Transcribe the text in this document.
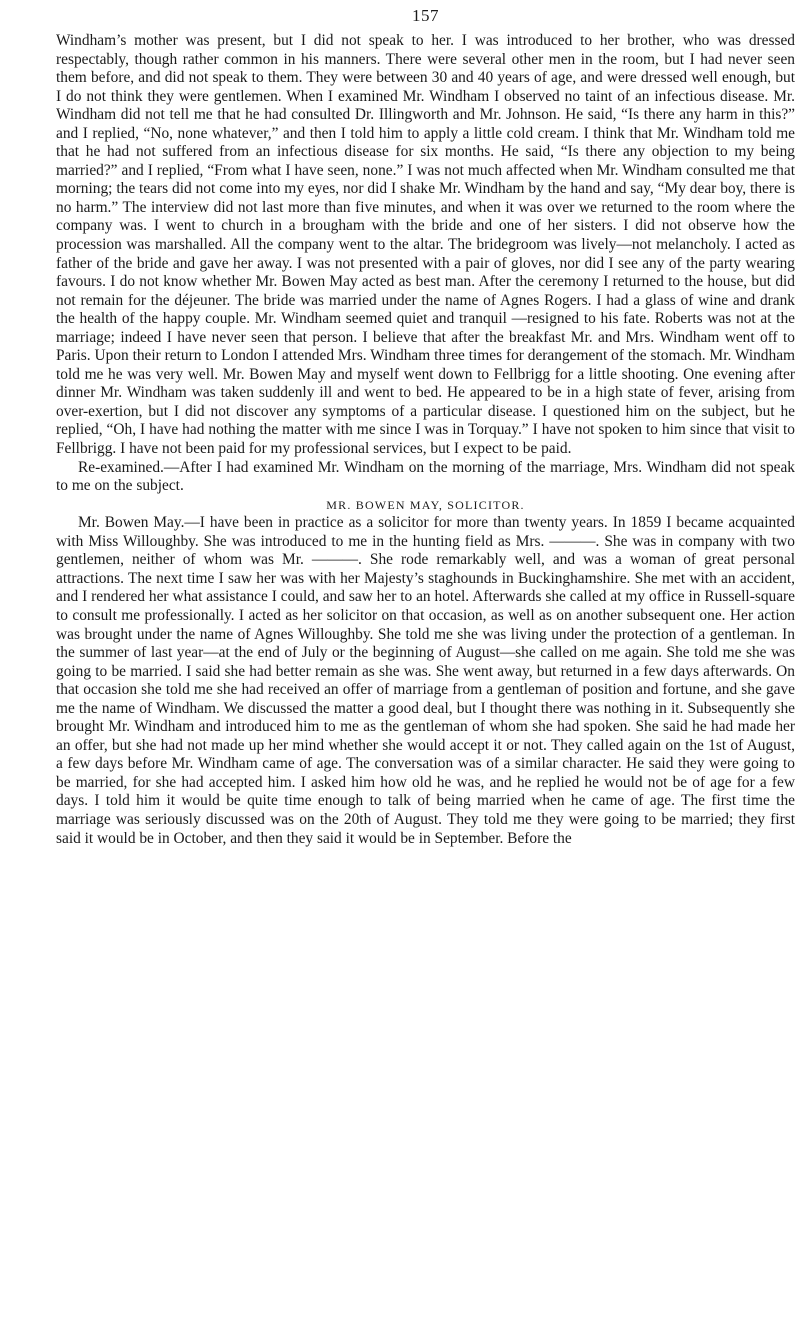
157

Windham’s mother was present, but I did not speak to her. I was introduced to her brother, who was dressed respectably, though rather common in his manners. There were several other men in the room, but I had never seen them before, and did not speak to them. They were between 30 and 40 years of age, and were dressed well enough, but I do not think they were gentlemen. When I examined Mr. Windham I observed no taint of an infectious disease. Mr. Windham did not tell me that he had consulted Dr. Illingworth and Mr. Johnson. He said, “Is there any harm in this?” and I replied, “No, none whatever,” and then I told him to apply a little cold cream. I think that Mr. Windham told me that he had not suffered from an infectious disease for six months. He said, “Is there any objection to my being married?” and I replied, “From what I have seen, none.” I was not much affected when Mr. Windham consulted me that morning; the tears did not come into my eyes, nor did I shake Mr. Windham by the hand and say, “My dear boy, there is no harm.” The interview did not last more than five minutes, and when it was over we returned to the room where the company was. I went to church in a brougham with the bride and one of her sisters. I did not observe how the procession was marshalled. All the company went to the altar. The bridegroom was lively—not melancholy. I acted as father of the bride and gave her away. I was not presented with a pair of gloves, nor did I see any of the party wearing favours. I do not know whether Mr. Bowen May acted as best man. After the ceremony I returned to the house, but did not remain for the déjeuner. The bride was married under the name of Agnes Rogers. I had a glass of wine and drank the health of the happy couple. Mr. Windham seemed quiet and tranquil —resigned to his fate. Roberts was not at the marriage; indeed I have never seen that person. I believe that after the breakfast Mr. and Mrs. Windham went off to Paris. Upon their return to London I attended Mrs. Windham three times for derangement of the stomach. Mr. Windham told me he was very well. Mr. Bowen May and myself went down to Fellbrigg for a little shooting. One evening after dinner Mr. Windham was taken suddenly ill and went to bed. He appeared to be in a high state of fever, arising from over-exertion, but I did not discover any symptoms of a particular disease. I questioned him on the subject, but he replied, “Oh, I have had nothing the matter with me since I was in Torquay.” I have not spoken to him since that visit to Fellbrigg. I have not been paid for my professional services, but I expect to be paid.

Re-examined.—After I had examined Mr. Windham on the morning of the marriage, Mrs. Windham did not speak to me on the subject.

MR. BOWEN MAY, SOLICITOR.

Mr. Bowen May.—I have been in practice as a solicitor for more than twenty years. In 1859 I became acquainted with Miss Willoughby. She was introduced to me in the hunting field as Mrs. ———. She was in company with two gentlemen, neither of whom was Mr. ———. She rode remarkably well, and was a woman of great personal attractions. The next time I saw her was with her Majesty’s staghounds in Buckinghamshire. She met with an accident, and I rendered her what assistance I could, and saw her to an hotel. Afterwards she called at my office in Russell-square to consult me professionally. I acted as her solicitor on that occasion, as well as on another subsequent one. Her action was brought under the name of Agnes Willoughby. She told me she was living under the protection of a gentleman. In the summer of last year—at the end of July or the beginning of August—she called on me again. She told me she was going to be married. I said she had better remain as she was. She went away, but returned in a few days afterwards. On that occasion she told me she had received an offer of marriage from a gentleman of position and fortune, and she gave me the name of Windham. We discussed the matter a good deal, but I thought there was nothing in it. Subsequently she brought Mr. Windham and introduced him to me as the gentleman of whom she had spoken. She said he had made her an offer, but she had not made up her mind whether she would accept it or not. They called again on the 1st of August, a few days before Mr. Windham came of age. The conversation was of a similar character. He said they were going to be married, for she had accepted him. I asked him how old he was, and he replied he would not be of age for a few days. I told him it would be quite time enough to talk of being married when he came of age. The first time the marriage was seriously discussed was on the 20th of August. They told me they were going to be married; they first said it would be in October, and then they said it would be in September. Before the
